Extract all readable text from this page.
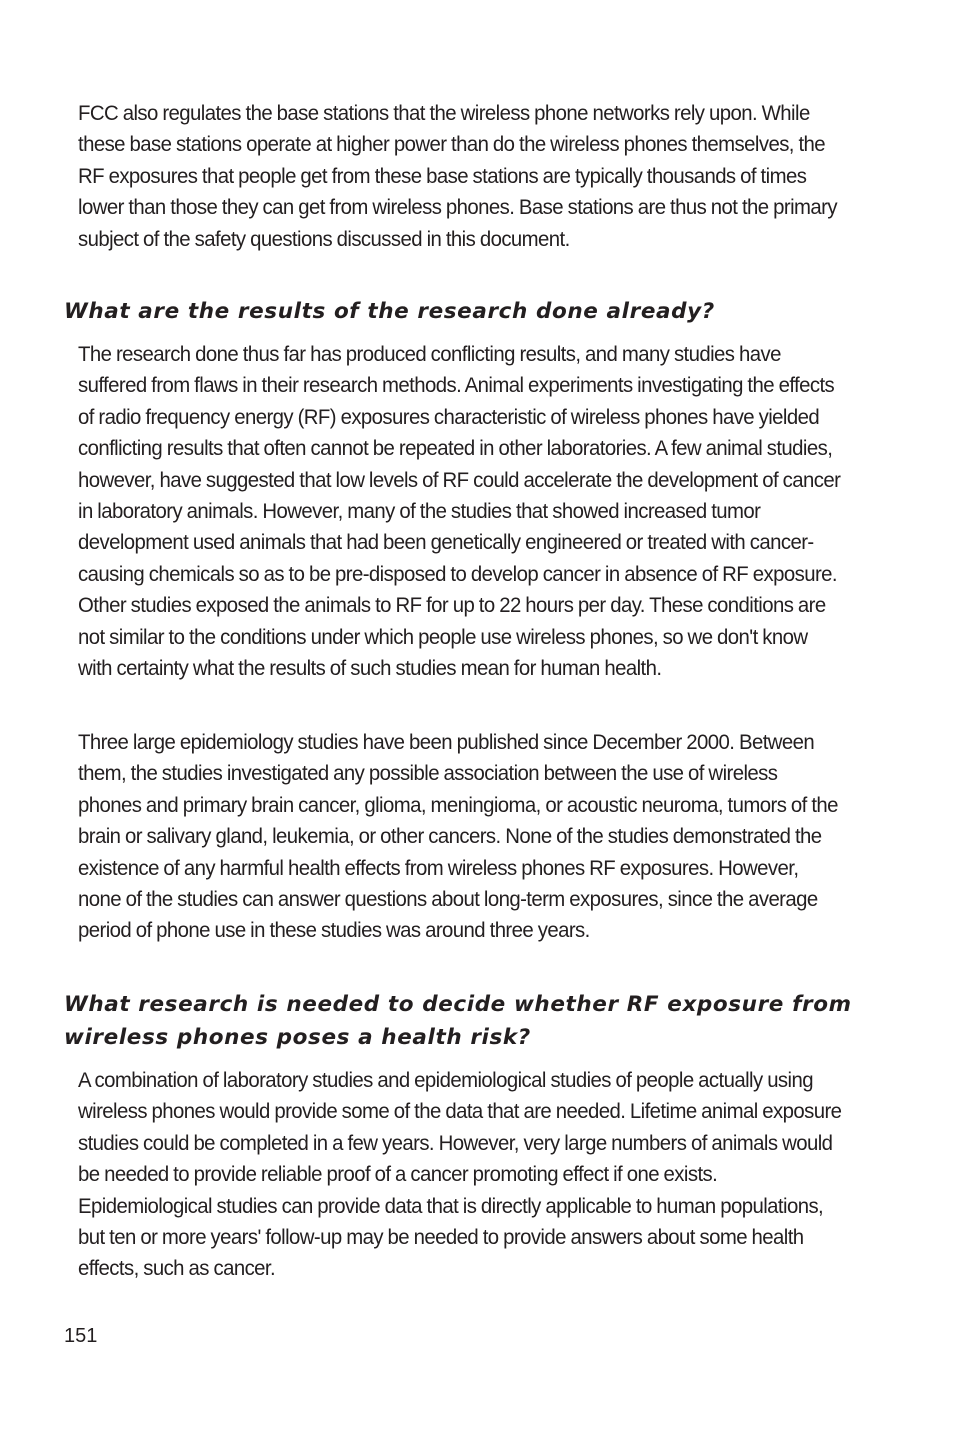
FCC also regulates the base stations that the wireless phone networks rely upon. While these base stations operate at higher power than do the wireless phones themselves, the RF exposures that people get from these base stations are typically thousands of times lower than those they can get from wireless phones. Base stations are thus not the primary subject of the safety questions discussed in this document.

What are the results of the research done already?

The research done thus far has produced conflicting results, and many studies have suffered from flaws in their research methods. Animal experiments investigating the effects of radio frequency energy (RF) exposures characteristic of wireless phones have yielded conflicting results that often cannot be repeated in other laboratories. A few animal studies, however, have suggested that low levels of RF could accelerate the development of cancer in laboratory animals. However, many of the studies that showed increased tumor development used animals that had been genetically engineered or treated with cancer-causing chemicals so as to be pre-disposed to develop cancer in absence of RF exposure. Other studies exposed the animals to RF for up to 22 hours per day. These conditions are not similar to the conditions under which people use wireless phones, so we don't know with certainty what the results of such studies mean for human health.

Three large epidemiology studies have been published since December 2000. Between them, the studies investigated any possible association between the use of wireless phones and primary brain cancer, glioma, meningioma, or acoustic neuroma, tumors of the brain or salivary gland, leukemia, or other cancers. None of the studies demonstrated the existence of any harmful health effects from wireless phones RF exposures. However, none of the studies can answer questions about long-term exposures, since the average period of phone use in these studies was around three years.

What research is needed to decide whether RF exposure from wireless phones poses a health risk?

A combination of laboratory studies and epidemiological studies of people actually using wireless phones would provide some of the data that are needed. Lifetime animal exposure studies could be completed in a few years. However, very large numbers of animals would be needed to provide reliable proof of a cancer promoting effect if one exists. Epidemiological studies can provide data that is directly applicable to human populations, but ten or more years' follow-up may be needed to provide answers about some health effects, such as cancer.

151
